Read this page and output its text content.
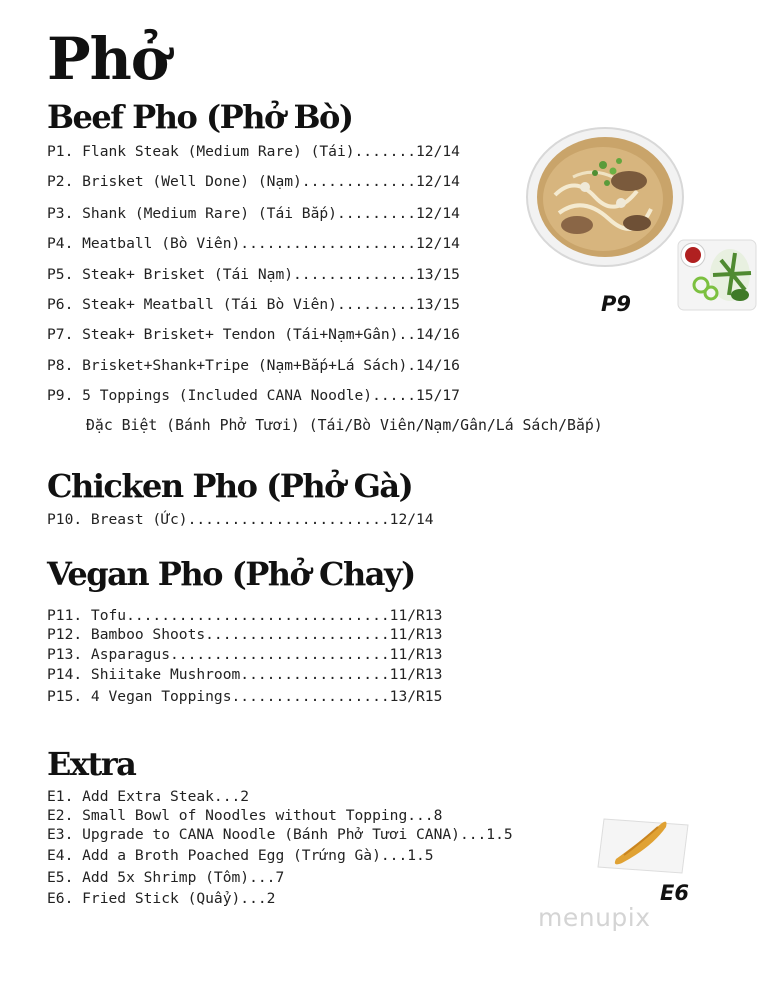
Phở
Beef Pho (Phở Bò)
P1. Flank Steak (Medium Rare) (Tái).......12/14
P2. Brisket (Well Done) (Nạm).............12/14
P3. Shank (Medium Rare) (Tái Bắp).........12/14
P4. Meatball (Bò Viên)....................12/14
P5. Steak+ Brisket (Tái Nạm)..............13/15
P6. Steak+ Meatball (Tái Bò Viên).........13/15
P7. Steak+ Brisket+ Tendon (Tái+Nạm+Gân)..14/16
P8. Brisket+Shank+Tripe (Nạm+Bắp+Lá Sách).14/16
P9. 5 Toppings (Included CANA Noodle).....15/17
Đặc Biệt (Bánh Phở Tươi) (Tái/Bò Viên/Nạm/Gân/Lá Sách/Bắp)
P9
Chicken Pho (Phở Gà)
P10. Breast (Ức).......................12/14
Vegan Pho (Phở Chay)
P11. Tofu..............................11/R13
P12. Bamboo Shoots.....................11/R13
P13. Asparagus.........................11/R13
P14. Shiitake Mushroom.................11/R13
P15. 4 Vegan Toppings..................13/R15
Extra
E1. Add Extra Steak...2
E2. Small Bowl of Noodles without Topping...8
E3. Upgrade to CANA Noodle (Bánh Phở Tươi CANA)...1.5
E4. Add a Broth Poached Egg (Trứng Gà)...1.5
E5. Add 5x Shrimp (Tôm)...7
E6. Fried Stick (Quẩy)...2	E6
menupix
